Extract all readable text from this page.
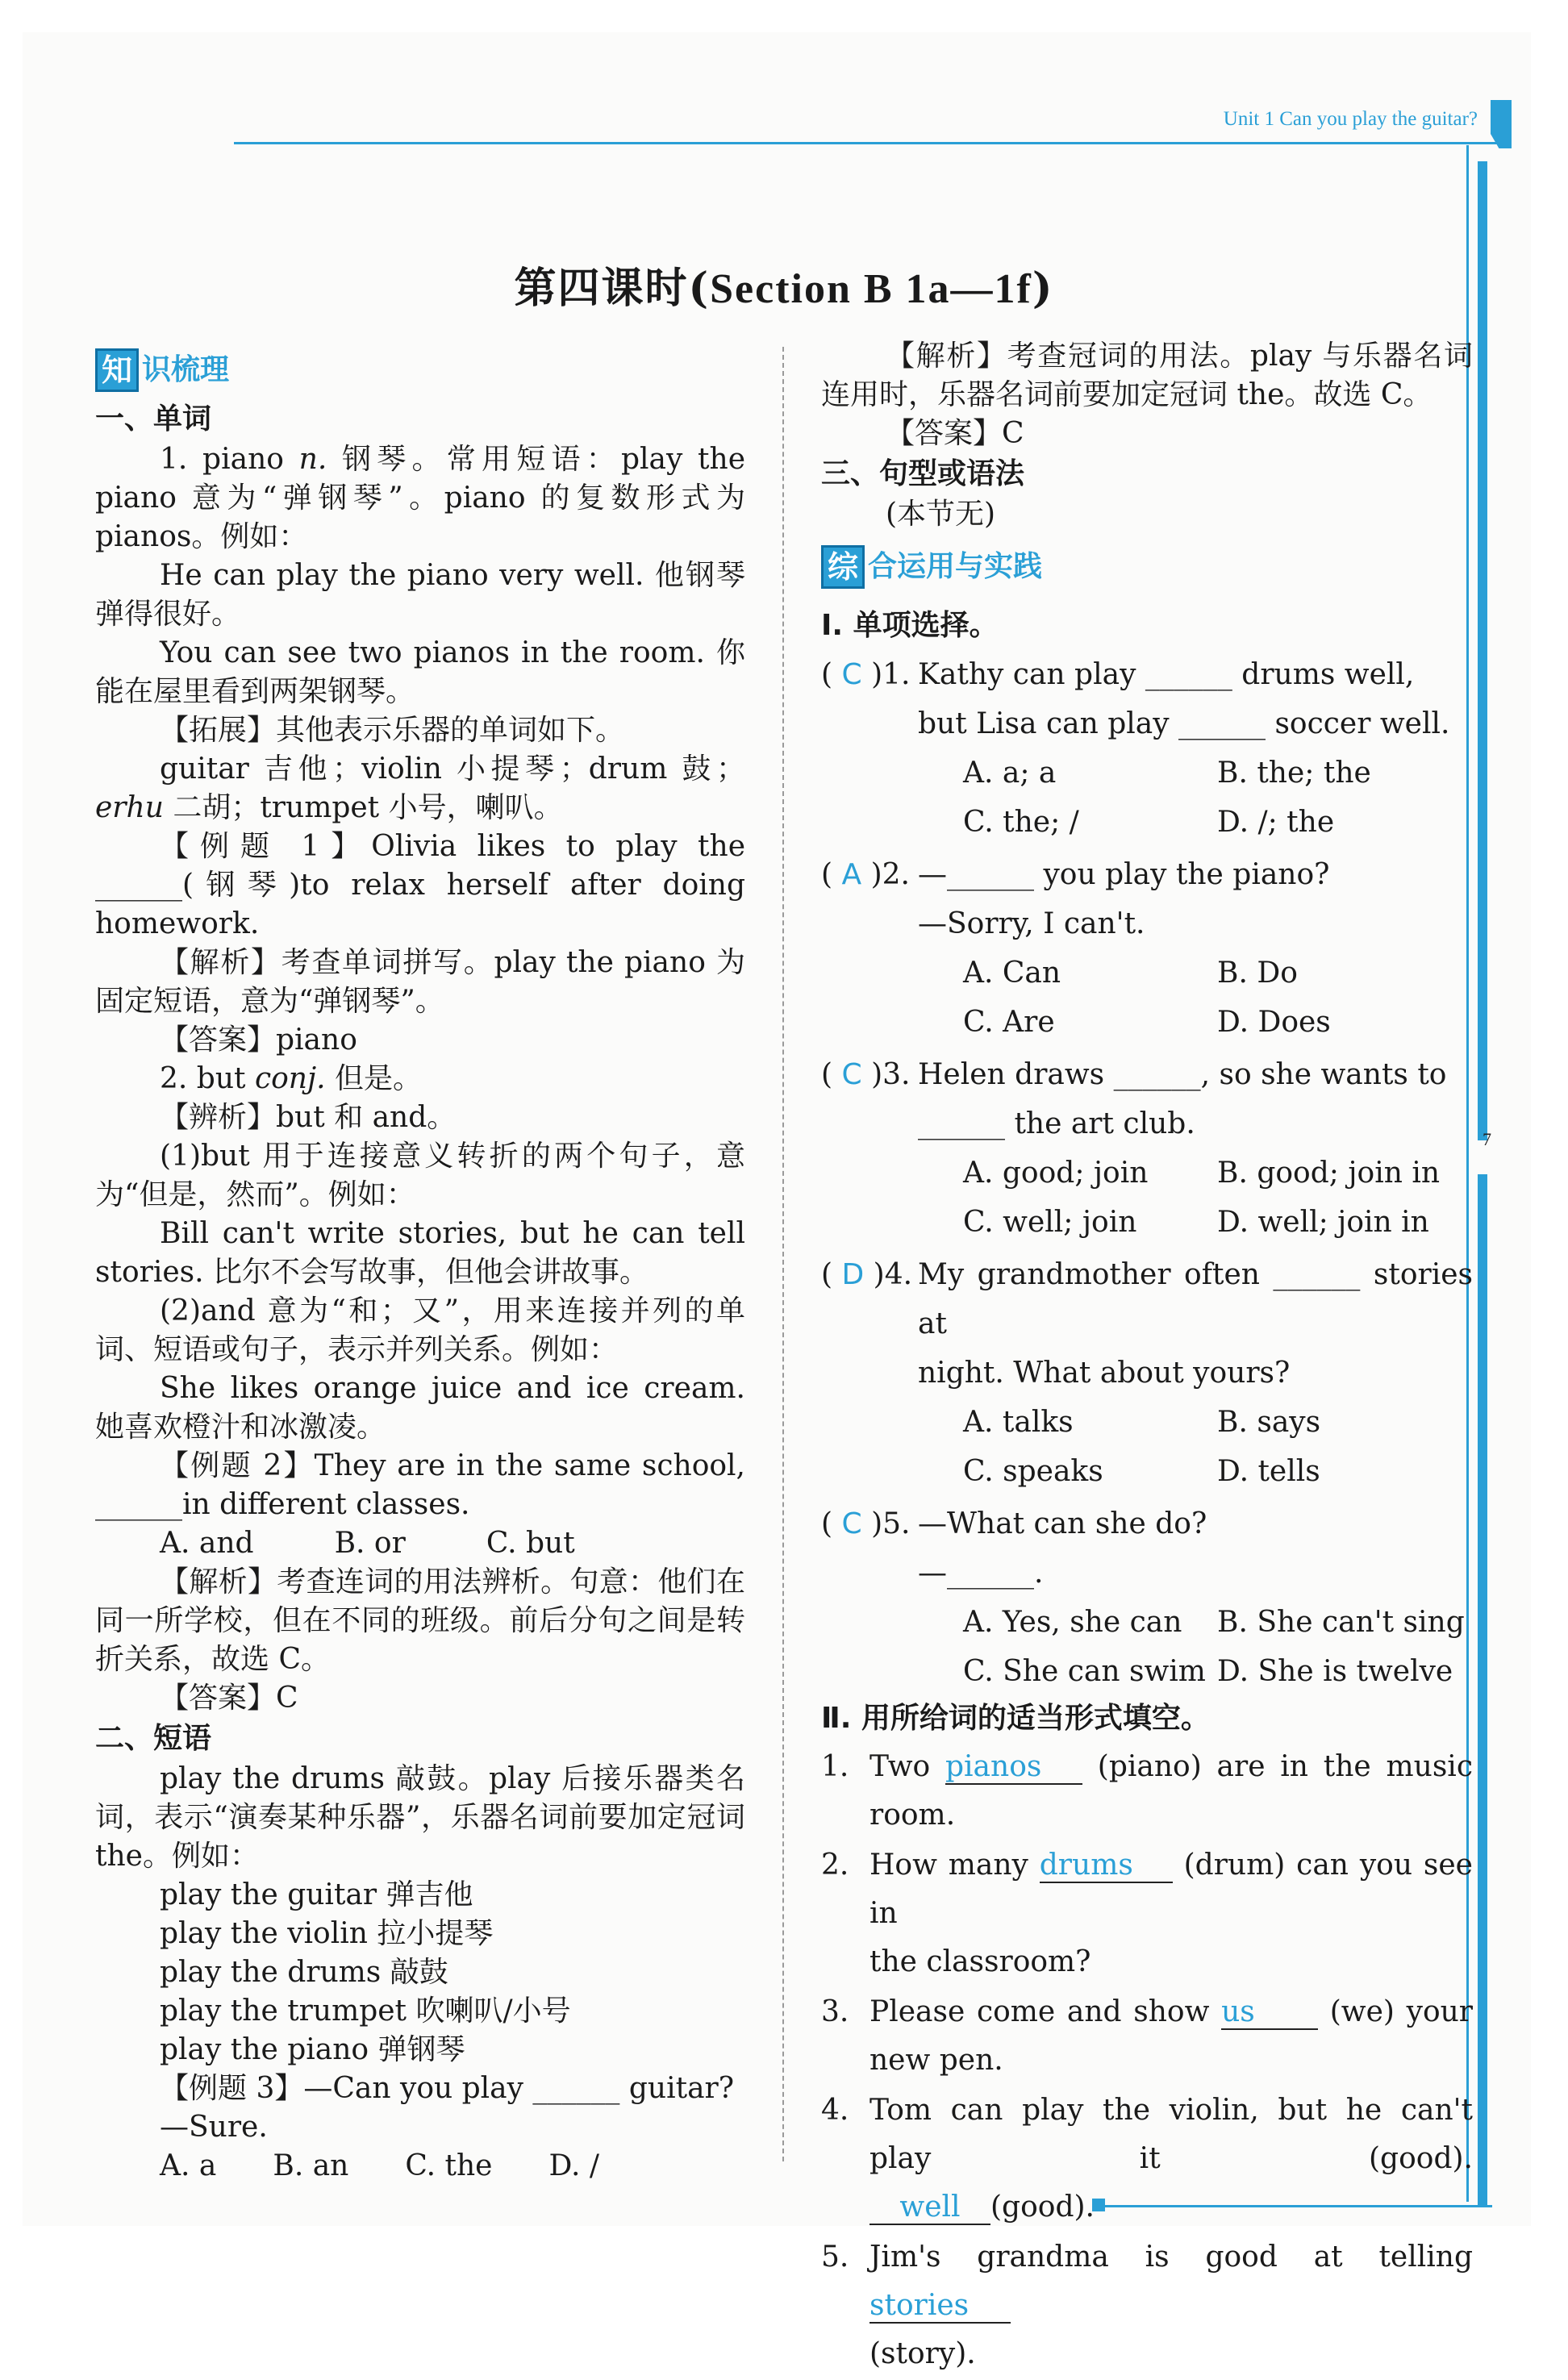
Unit 1 Can you play the guitar?
7
第四课时(Section B 1a—1f)
知 识梳理
一、单词

1. piano n. 钢琴。常用短语：play the piano 意为“弹钢琴”。piano 的复数形式为 pianos。例如：

He can play the piano very well. 他钢琴弹得很好。

You can see two pianos in the room. 你能在屋里看到两架钢琴。

【拓展】其他表示乐器的单词如下。

guitar 吉他；violin 小提琴；drum 鼓；erhu 二胡；trumpet 小号，喇叭。

【例题 1】Olivia likes to play the ______(钢琴)to relax herself after doing homework.

【解析】考查单词拼写。play the piano 为固定短语，意为“弹钢琴”。

【答案】piano

2. but conj. 但是。

【辨析】but 和 and。

(1)but 用于连接意义转折的两个句子，意为“但是，然而”。例如：

Bill can't write stories, but he can tell stories. 比尔不会写故事，但他会讲故事。

(2)and 意为“和；又”，用来连接并列的单词、短语或句子，表示并列关系。例如：

She likes orange juice and ice cream. 她喜欢橙汁和冰激凌。

【例题 2】They are in the same school, ______in different classes.

A. and	B. or	C. but

【解析】考查连词的用法辨析。句意：他们在同一所学校，但在不同的班级。前后分句之间是转折关系，故选 C。

【答案】C

二、短语

play the drums 敲鼓。play 后接乐器类名词，表示“演奏某种乐器”，乐器名词前要加定冠词 the。例如：

play the guitar 弹吉他

play the violin 拉小提琴

play the drums 敲鼓

play the trumpet 吹喇叭/小号

play the piano 弹钢琴

【例题 3】—Can you play ______ guitar?

—Sure.

A. a B. an C. the D. /

【解析】考查冠词的用法。play 与乐器名词连用时，乐器名词前要加定冠词 the。故选 C。

【答案】C

三、句型或语法

(本节无)

综 合运用与实践
Ⅰ. 单项选择。
( C )1. Kathy can play ______ drums well,
but Lisa can play ______ soccer well.
A. a; a	B. the; the
C. the; /	D. /; the
( A )2. —______ you play the piano?
—Sorry, I can't.
A. Can	B. Do
C. Are	D. Does
( C )3. Helen draws ______, so she wants to
______ the art club.
A. good; join	B. good; join in
C. well; join	D. well; join in
( D )4. My grandmother often ______ stories at
night. What about yours?
A. talks	B. says
C. speaks	D. tells
( C )5. —What can she do?
—______.
A. Yes, she can	B. She can't sing
C. She can swim D. She is twelve
Ⅱ. 用所给词的适当形式填空。
1. Two pianos (piano) are in the music
room.
2. How many drums (drum) can you see in
the classroom?
3. Please come and show us	(we) your
new pen.
4. Tom can play the violin, but he can't play it	(good).
well (good).
5. Jim's grandma is good at telling stories
(story).
